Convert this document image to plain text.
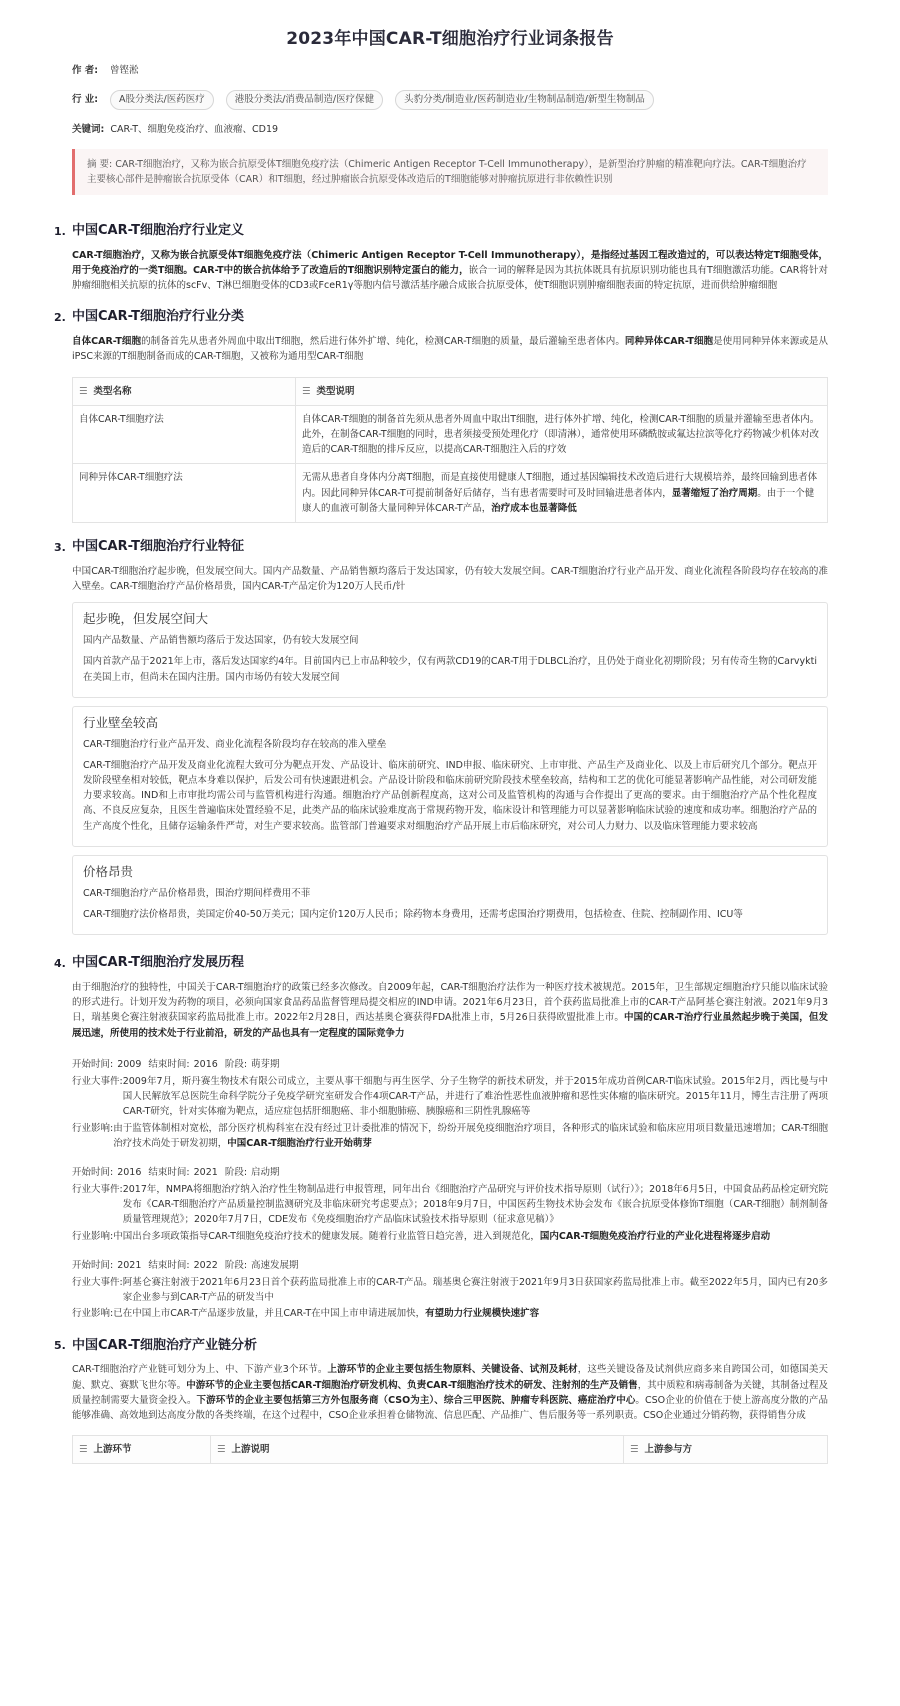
2023年中国CAR-T细胞治疗行业词条报告
作 者:	曾铿淞
行 业:	A股分类法/医药医疗	港股分类法/消费品制造/医疗保健	头豹分类/制造业/医药制造业/生物制品制造/新型生物制品
关键词: CAR-T、细胞免疫治疗、血液瘤、CD19
摘 要: CAR-T细胞治疗，又称为嵌合抗原受体T细胞免疫疗法（Chimeric Antigen Receptor T-Cell Immunotherapy），是新型治疗肿瘤的精准靶向疗法。CAR-T细胞治疗主要核心部件是肿瘤嵌合抗原受体（CAR）和T细胞，经过肿瘤嵌合抗原受体改造后的T细胞能够对肿瘤抗原进行非依赖性识别
1. 中国CAR-T细胞治疗行业定义

CAR-T细胞治疗，又称为嵌合抗原受体T细胞免疫疗法（Chimeric Antigen Receptor T-Cell Immunotherapy），是指经过基因工程改造过的，可以表达特定T细胞受体，用于免疫治疗的一类T细胞。CAR-T中的嵌合抗体给予了改造后的T细胞识别特定蛋白的能力，嵌合一词的解释是因为其抗体既具有抗原识别功能也具有T细胞激活功能。CAR将针对肿瘤细胞相关抗原的抗体的scFv、T淋巴细胞受体的CD3或FceR1γ等胞内信号激活基序融合成嵌合抗原受体，使T细胞识别肿瘤细胞表面的特定抗原，进而供给肿瘤细胞

2. 中国CAR-T细胞治疗行业分类

自体CAR-T细胞的制备首先从患者外周血中取出T细胞，然后进行体外扩增、纯化，检测CAR-T细胞的质量，最后灌输至患者体内。同种异体CAR-T细胞是使用同种异体来源或是从iPSC来源的T细胞制备而成的CAR-T细胞，又被称为通用型CAR-T细胞

☰ 类型名称	☰ 类型说明
自体CAR-T细胞疗法	自体CAR-T细胞的制备首先须从患者外周血中取出T细胞，进行体外扩增、纯化，检测CAR-T细胞的质量并灌输至患者体内。此外，在制备CAR-T细胞的同时，患者须接受预处理化疗（即清淋），通常使用环磷酰胺或氟达拉滨等化疗药物减少机体对改造后的CAR-T细胞的排斥反应，以提高CAR-T细胞注入后的疗效
同种异体CAR-T细胞疗法	无需从患者自身体内分离T细胞，而是直接使用健康人T细胞，通过基因编辑技术改造后进行大规模培养，最终回输到患者体内。因此同种异体CAR-T可提前制备好后储存，当有患者需要时可及时回输进患者体内，显著缩短了治疗周期。由于一个健康人的血液可制备大量同种异体CAR-T产品，治疗成本也显著降低
3. 中国CAR-T细胞治疗行业特征

中国CAR-T细胞治疗起步晚，但发展空间大。国内产品数量、产品销售额均落后于发达国家，仍有较大发展空间。CAR-T细胞治疗行业产品开发、商业化流程各阶段均存在较高的准入壁垒。CAR-T细胞治疗产品价格昂贵，国内CAR-T产品定价为120万人民币/针

起步晚，但发展空间大

国内产品数量、产品销售额均落后于发达国家，仍有较大发展空间

国内首款产品于2021年上市，落后发达国家约4年。目前国内已上市品种较少，仅有两款CD19的CAR-T用于DLBCL治疗，且仍处于商业化初期阶段；另有传奇生物的Carvykti在美国上市，但尚未在国内注册。国内市场仍有较大发展空间

行业壁垒较高

CAR-T细胞治疗行业产品开发、商业化流程各阶段均存在较高的准入壁垒

CAR-T细胞治疗产品开发及商业化流程大致可分为靶点开发、产品设计、临床前研究、IND申报、临床研究、上市审批、产品生产及商业化、以及上市后研究几个部分。靶点开发阶段壁垒相对较低，靶点本身难以保护，后发公司有快速跟进机会。产品设计阶段和临床前研究阶段技术壁垒较高，结构和工艺的优化可能显著影响产品性能，对公司研发能力要求较高。IND和上市审批均需公司与监管机构进行沟通。细胞治疗产品创新程度高，这对公司及监管机构的沟通与合作提出了更高的要求。由于细胞治疗产品个性化程度高、不良反应复杂，且医生普遍临床处置经验不足，此类产品的临床试验难度高于常规药物开发，临床设计和管理能力可以显著影响临床试验的速度和成功率。细胞治疗产品的生产高度个性化，且储存运输条件严苛，对生产要求较高。监管部门普遍要求对细胞治疗产品开展上市后临床研究，对公司人力财力、以及临床管理能力要求较高

价格昂贵

CAR-T细胞治疗产品价格昂贵，围治疗期间样费用不菲

CAR-T细胞疗法价格昂贵，美国定价40-50万美元；国内定价120万人民币；除药物本身费用，还需考虑围治疗期费用，包括检查、住院、控制副作用、ICU等

4. 中国CAR-T细胞治疗发展历程

由于细胞治疗的独特性，中国关于CAR-T细胞治疗的政策已经多次修改。自2009年起，CAR-T细胞治疗法作为一种医疗技术被规范。2015年，卫生部规定细胞治疗只能以临床试验的形式进行。计划开发为药物的项目，必须向国家食品药品监督管理局提交相应的IND申请。2021年6月23日，首个获药监局批准上市的CAR-T产品阿基仑赛注射液。2021年9月3日，瑞基奥仑赛注射液获国家药监局批准上市。2022年2月28日，西达基奥仑赛获得FDA批准上市，5月26日获得欧盟批准上市。中国的CAR-T治疗行业虽然起步晚于美国，但发展迅速，所使用的技术处于行业前沿，研发的产品也具有一定程度的国际竞争力

开始时间: 2009 结束时间: 2016 阶段: 萌芽期
行业大事件: 2009年7月，斯丹赛生物技术有限公司成立，主要从事干细胞与再生医学、分子生物学的新技术研发，并于2015年成功首例CAR-T临床试验。2015年2月，西比曼与中国人民解放军总医院生命科学院分子免疫学研究室研发合作4项CAR-T产品，并进行了难治性恶性血液肿瘤和恶性实体瘤的临床研究。2015年11月，博生吉注册了两项CAR-T研究，针对实体瘤为靶点，适应症包括肝细胞癌、非小细胞肺癌、胰腺癌和三阴性乳腺癌等
行业影响: 由于监管体制相对宽松，部分医疗机构科室在没有经过卫计委批准的情况下，纷纷开展免疫细胞治疗项目，各种形式的临床试验和临床应用项目数量迅速增加；CAR-T细胞治疗技术尚处于研发初期，中国CAR-T细胞治疗行业开始萌芽
开始时间: 2016 结束时间: 2021 阶段: 启动期
行业大事件: 2017年，NMPA将细胞治疗纳入治疗性生物制品进行申报管理，同年出台《细胞治疗产品研究与评价技术指导原则（试行）》；2018年6月5日，中国食品药品检定研究院发布《CAR-T细胞治疗产品质量控制监测研究及非临床研究考虑要点》；2018年9月7日，中国医药生物技术协会发布《嵌合抗原受体修饰T细胞（CAR-T细胞）制剂制备质量管理规范》；2020年7月7日，CDE发布《免疫细胞治疗产品临床试验技术指导原则（征求意见稿）》
行业影响: 中国出台多项政策指导CAR-T细胞免疫治疗技术的健康发展。随着行业监管日趋完善，进入到规范化，国内CAR-T细胞免疫治疗行业的产业化进程将逐步启动
开始时间: 2021 结束时间: 2022 阶段: 高速发展期
行业大事件: 阿基仑赛注射液于2021年6月23日首个获药监局批准上市的CAR-T产品。瑞基奥仑赛注射液于2021年9月3日获国家药监局批准上市。截至2022年5月，国内已有20多家企业参与到CAR-T产品的研发当中
行业影响: 已在中国上市CAR-T产品逐步放量，并且CAR-T在中国上市申请进展加快，有望助力行业规模快速扩容
5. 中国CAR-T细胞治疗产业链分析

CAR-T细胞治疗产业链可划分为上、中、下游产业3个环节。上游环节的企业主要包括生物原料、关键设备、试剂及耗材，这些关键设备及试剂供应商多来自跨国公司，如德国美天旎、默克、赛默飞世尔等。中游环节的企业主要包括CAR-T细胞治疗研发机构、负责CAR-T细胞治疗技术的研发、注射剂的生产及销售，其中质粒和病毒制备为关键，其制备过程及质量控制需要大量资金投入。下游环节的企业主要包括第三方外包服务商（CSO为主）、综合三甲医院、肿瘤专科医院、癌症治疗中心。CSO企业的价值在于使上游高度分散的产品能够准确、高效地到达高度分散的各类终端，在这个过程中，CSO企业承担着仓储物流、信息匹配、产品推广、售后服务等一系列职责。CSO企业通过分销药物，获得销售分成

☰ 上游环节	☰ 上游说明	☰ 上游参与方
